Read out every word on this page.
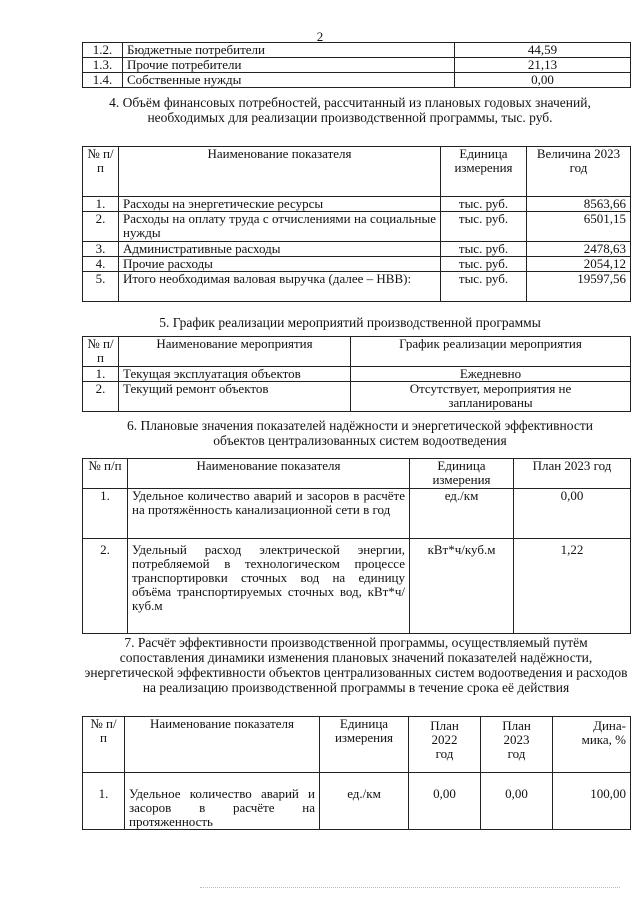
2
1.2.	Бюджетные потребители	44,59
1.3.	Прочие потребители	21,13
1.4.	Собственные нужды	0,00
4. Объём финансовых потребностей, рассчитанный из плановых годовых значений, необходимых для реализации производственной программы, тыс. руб.
№ п/п	Наименование показателя	Единица измерения	Величина 2023 год
1.	Расходы на энергетические ресурсы	тыс. руб.	8563,66
2.	Расходы на оплату труда с отчислениями на социальные нужды	тыс. руб.	6501,15
3.	Административные расходы	тыс. руб.	2478,63
4.	Прочие расходы	тыс. руб.	2054,12
5.	Итого необходимая валовая выручка (далее – НВВ):	тыс. руб.	19597,56
5. График реализации мероприятий производственной программы
№ п/п	Наименование мероприятия	График реализации мероприятия
1.	Текущая эксплуатация объектов	Ежедневно
2.	Текущий ремонт объектов	Отсутствует, мероприятия не запланированы
6. Плановые значения показателей надёжности и энергетической эффективности объектов централизованных систем водоотведения
№ п/п	Наименование показателя	Единица измерения	План 2023 год
1.	Удельное количество аварий и засоров в расчёте на протяжённость канализационной сети в год	ед./км	0,00
2.	Удельный расход электрической энергии, потребляемой в технологическом процессе транспортировки сточных вод на единицу объёма транспортируемых сточных вод, кВт*ч/куб.м	кВт*ч/куб.м	1,22
7. Расчёт эффективности производственной программы, осуществляемый путём сопоставления динамики изменения плановых значений показателей надёжности, энергетической эффективности объектов централизованных систем водоотведения и расходов на реализацию производственной программы в течение срока её действия
№ п/п	Наименование показателя	Единица измерения	План 2022 год	План 2023 год	Дина-мика, %
1.	Удельное количество аварий и засоров в расчёте на протяженность	ед./км	0,00	0,00	100,00
